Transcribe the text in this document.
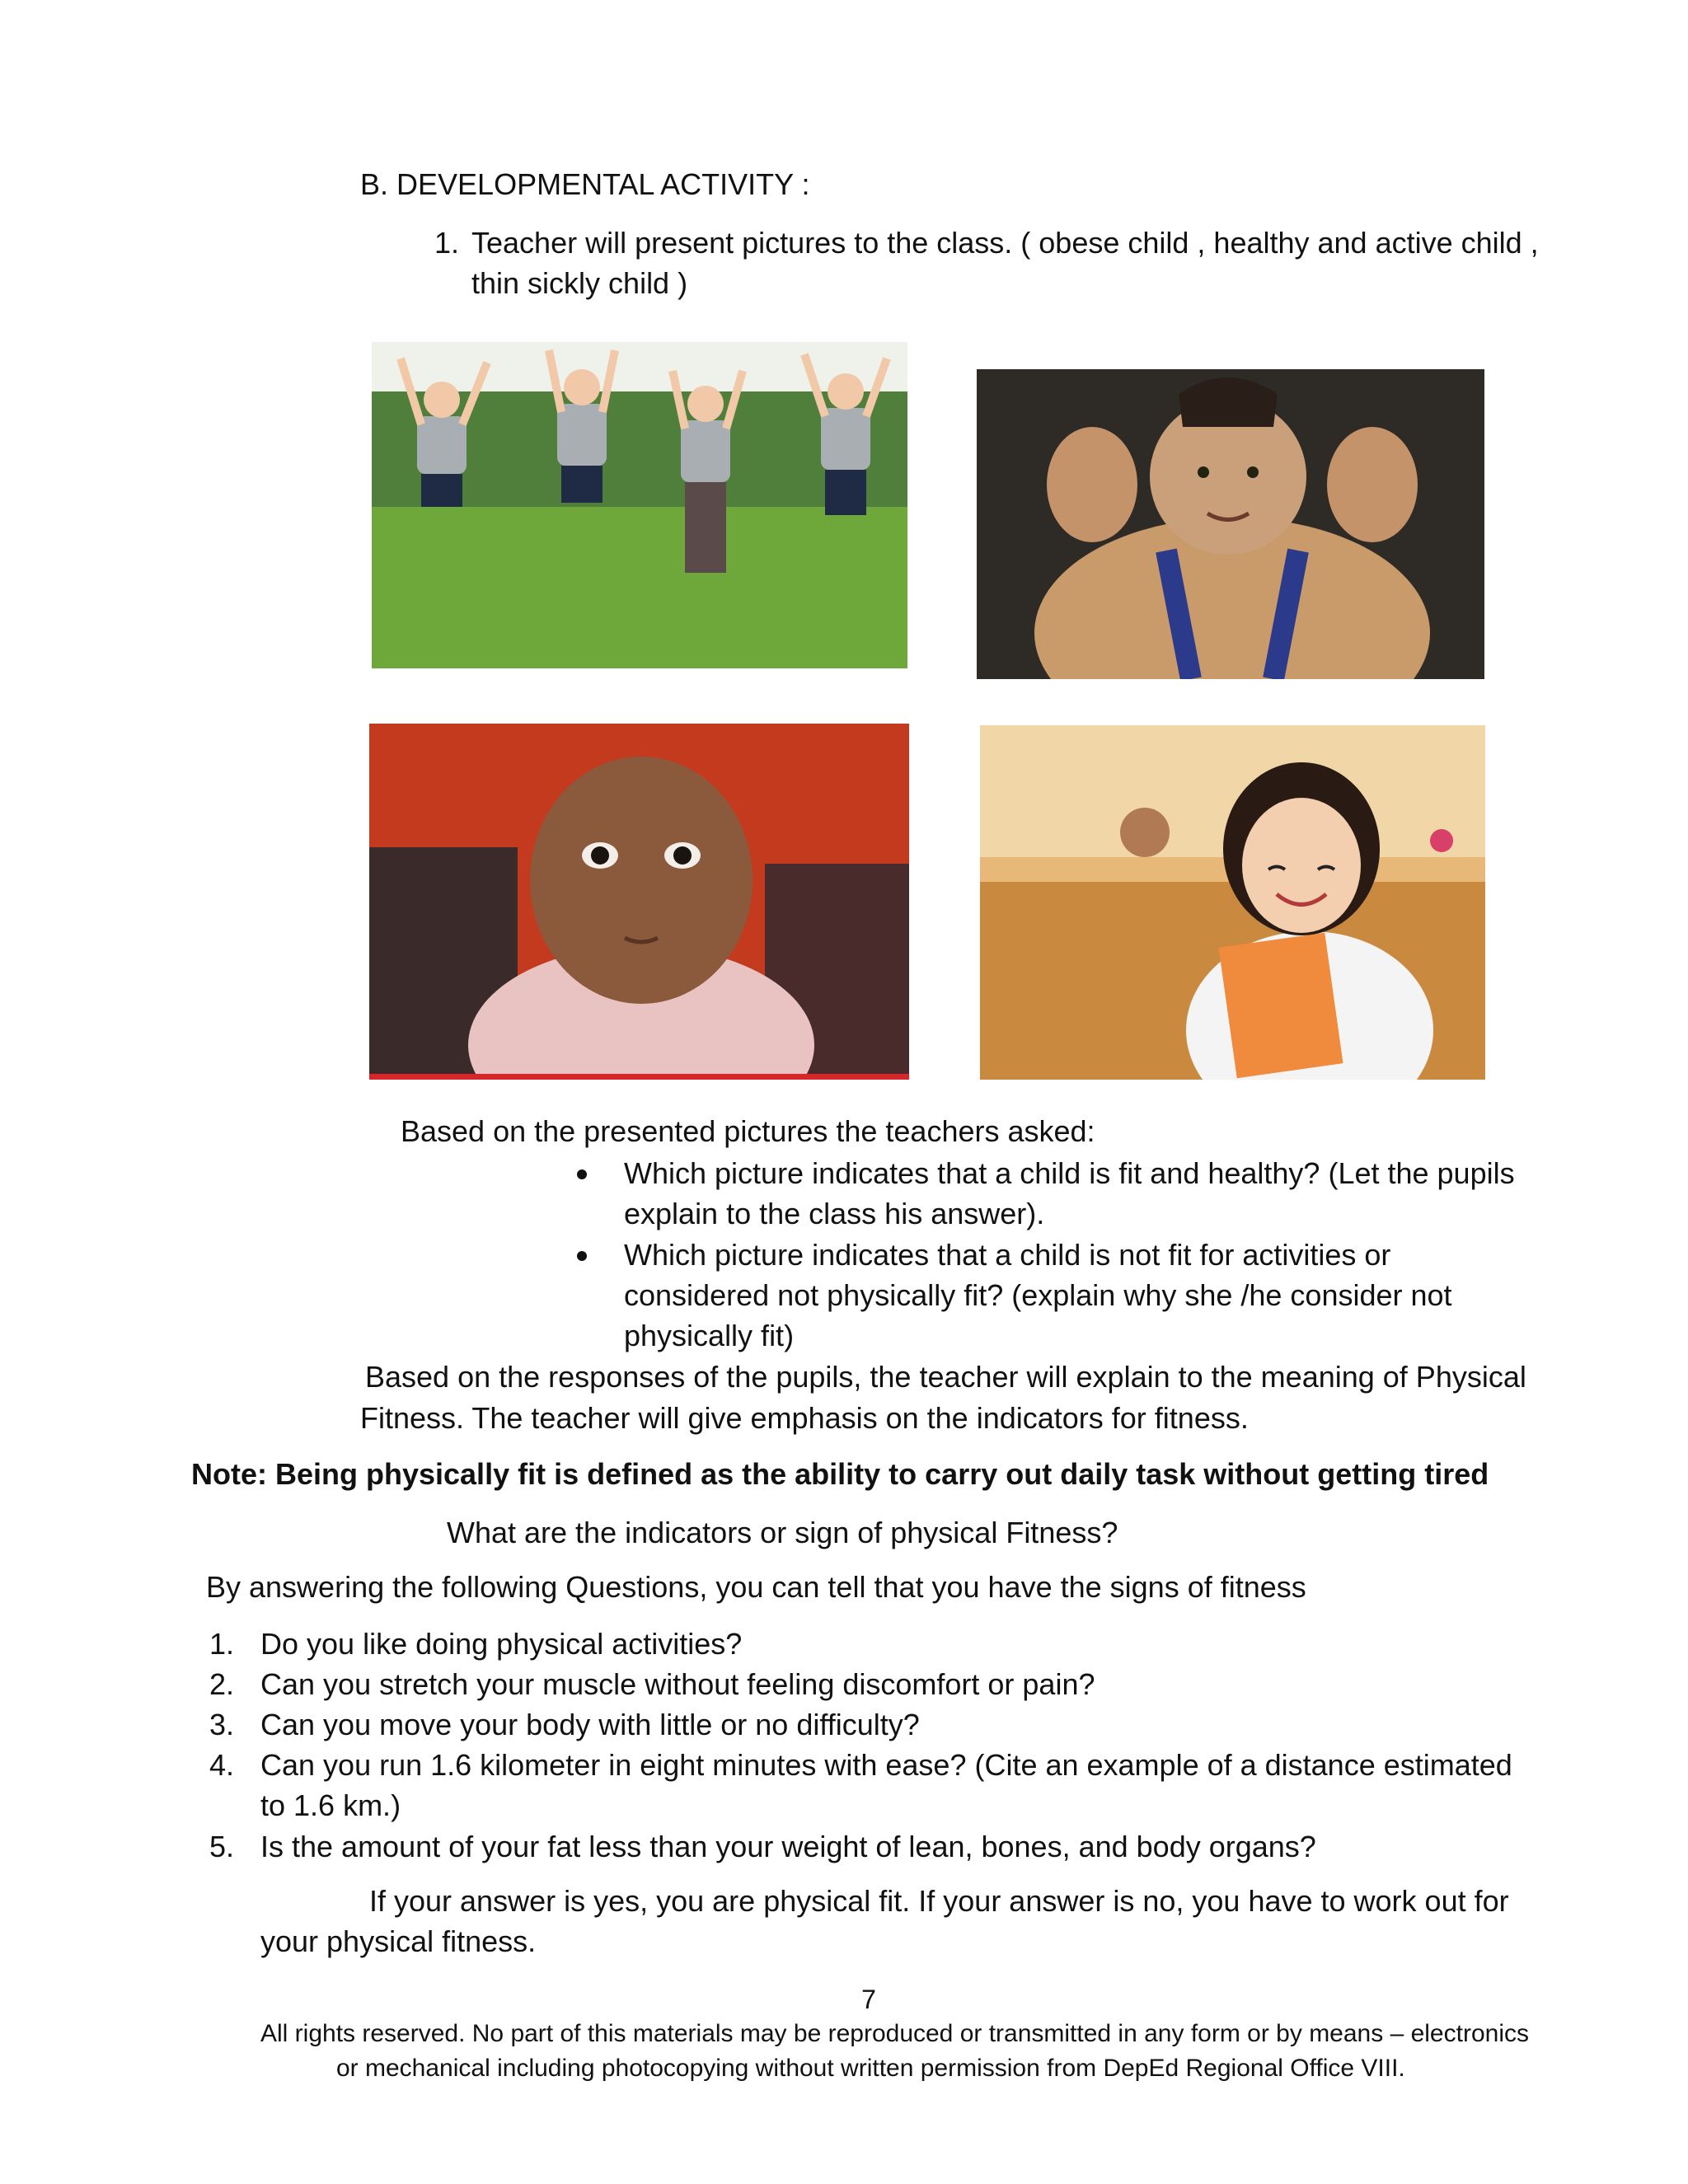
B. DEVELOPMENTAL ACTIVITY :
1. Teacher will present pictures to the class. ( obese child , healthy and active child ,
thin sickly child )
Based on the presented pictures the teachers asked:
Which picture indicates that a child is fit and healthy? (Let the pupils
explain to the class his answer).
Which picture indicates that a child is not fit for activities or
considered not physically fit? (explain why she /he consider not
physically fit)
Based on the responses of the pupils, the teacher will explain to the meaning of Physical
Fitness. The teacher will give emphasis on the indicators for fitness.
Note: Being physically fit is defined as the ability to carry out daily task without getting tired
What are the indicators or sign of physical Fitness?
By answering the following Questions, you can tell that you have the signs of fitness
1. Do you like doing physical activities?
2. Can you stretch your muscle without feeling discomfort or pain?
3. Can you move your body with little or no difficulty?
4. Can you run 1.6 kilometer in eight minutes with ease? (Cite an example of a distance estimated
to 1.6 km.)
5. Is the amount of your fat less than your weight of lean, bones, and body organs?
If your answer is yes, you are physical fit. If your answer is no, you have to work out for
your physical fitness.
7
All rights reserved. No part of this materials may be reproduced or transmitted in any form or by means – electronics
or mechanical including photocopying without written permission from DepEd Regional Office VIII.
